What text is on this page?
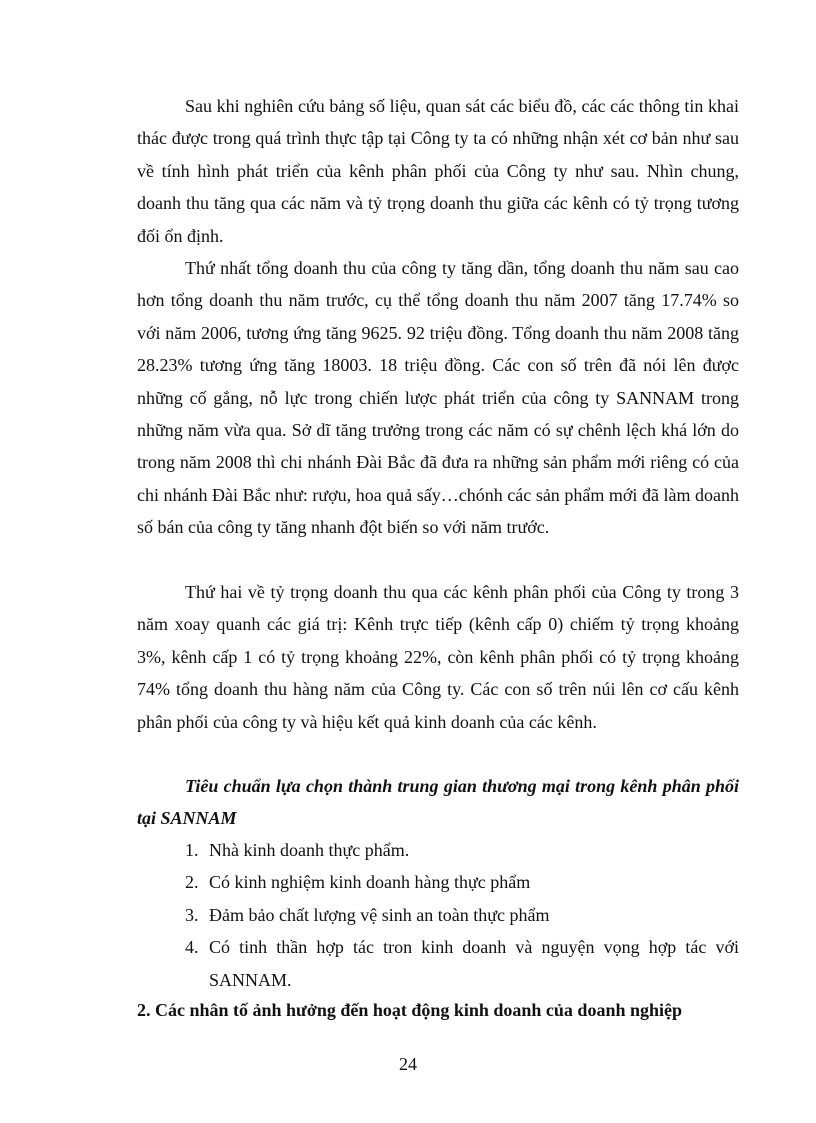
Sau khi nghiên cứu bảng số liệu, quan sát các biểu đồ, các các thông tin khai thác được trong quá trình thực tập tại Công ty ta có những nhận xét cơ bản như sau về tính hình phát triển của kênh phân phối của Công ty như sau. Nhìn chung, doanh thu tăng qua các năm và tỷ trọng doanh thu giữa các kênh có tỷ trọng tương đối ổn định.

Thứ nhất tổng doanh thu của công ty tăng dần, tổng doanh thu năm sau cao hơn tổng doanh thu năm trước, cụ thể tổng doanh thu năm 2007 tăng 17.74% so với năm 2006, tương ứng tăng 9625. 92 triệu đồng. Tổng doanh thu năm 2008 tăng 28.23% tương ứng tăng 18003. 18 triệu đồng. Các con số trên đã nói lên được những cố gắng, nỗ lực trong chiến lược phát triển của công ty SANNAM trong những năm vừa qua. Sở dĩ tăng trưởng trong các năm có sự chênh lệch khá lớn do trong năm 2008 thì chi nhánh Đài Bắc đã đưa ra những sản phẩm mới riêng có của chi nhánh Đài Bắc như: rượu, hoa quả sấy…chónh các sản phẩm mới đã làm doanh số bán của công ty tăng nhanh đột biến so với năm trước.

Thứ hai về tỷ trọng doanh thu qua các kênh phân phối của Công ty trong 3 năm xoay quanh các giá trị: Kênh trực tiếp (kênh cấp 0) chiếm tỷ trọng khoảng 3%, kênh cấp 1 có tỷ trọng khoảng 22%, còn kênh phân phối có tỷ trọng khoảng 74% tổng doanh thu hàng năm của Công ty. Các con số trên núi lên cơ cấu kênh phân phối của công ty và hiệu kết quả kinh doanh của các kênh.

Tiêu chuẩn lựa chọn thành trung gian thương mại trong kênh phân phối tại SANNAM

1. Nhà kinh doanh thực phẩm.
2. Có kinh nghiệm kinh doanh hàng thực phẩm
3. Đảm bảo chất lượng vệ sinh an toàn thực phẩm
4. Có tinh thần hợp tác tron kinh doanh và nguyện vọng hợp tác với SANNAM.

2. Các nhân tố ảnh hưởng đến hoạt động kinh doanh của doanh nghiệp

24
